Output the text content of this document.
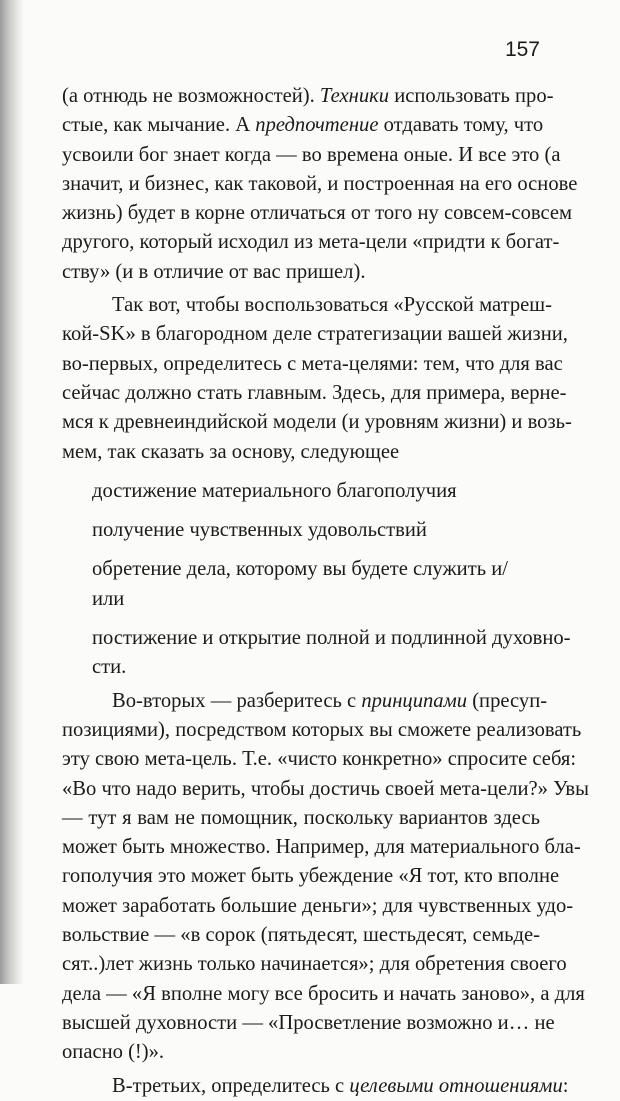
157

(а отнюдь не возможностей). Техники использовать про-
стые, как мычание. А предпочтение отдавать тому, что
усвоили бог знает когда — во времена оные. И все это (а
значит, и бизнес, как таковой, и построенная на его основе
жизнь) будет в корне отличаться от того ну совсем-совсем
другого, который исходил из мета-цели «придти к богат-
ству» (и в отличие от вас пришел).

Так вот, чтобы воспользоваться «Русской матреш-
кой-SK» в благородном деле стратегизации вашей жизни,
во-первых, определитесь с мета-целями: тем, что для вас
сейчас должно стать главным. Здесь, для примера, верне-
мся к древнеиндийской модели (и уровням жизни) и возь-
мем, так сказать за основу, следующее

достижение материального благополучия

получение чувственных удовольствий

обретение дела, которому вы будете служить и/или

постижение и открытие полной и подлинной духовно-
сти.

Во-вторых — разберитесь с принципами (пресуп-
позициями), посредством которых вы сможете реализовать
эту свою мета-цель. Т.е. «чисто конкретно» спросите себя:
«Во что надо верить, чтобы достичь своей мета-цели?» Увы
— тут я вам не помощник, поскольку вариантов здесь
может быть множество. Например, для материального бла-
гополучия это может быть убеждение «Я тот, кто вполне
может заработать большие деньги»; для чувственных удо-
вольствие — «в сорок (пятьдесят, шестьдесят, семьде-
сят..)лет жизнь только начинается»; для обретения своего
дела — «Я вполне могу все бросить и начать заново», а для
высшей духовности — «Просветление возможно и… не
опасно (!)».

В-третьих, определитесь с целевыми отношениями:
